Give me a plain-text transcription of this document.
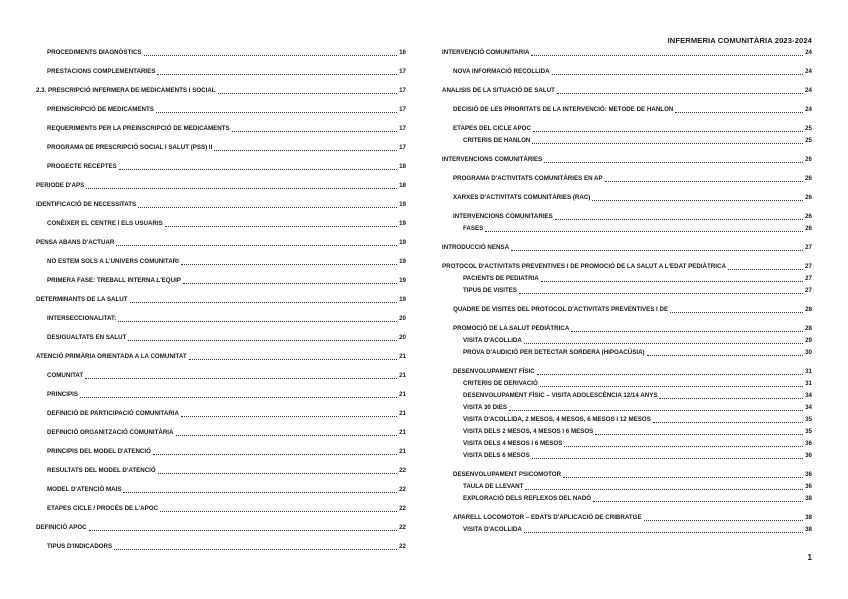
INFERMERIA COMUNITÀRIA 2023-2024
PROCEDIMENTS DIAGNÒSTICS	16
PRESTACIONS COMPLEMENTARIES	17
2.3. PRESCRIPCIÓ INFERMERA DE MEDICAMENTS I SOCIAL	17
PREINSCRIPCIÓ DE MEDICAMENTS	17
REQUERIMENTS PER LA PREINSCRIPCIÓ DE MEDICAMENTS	17
PROGRAMA DE PRESCRIPCIÓ SOCIAL I SALUT (PSS) II	17
PROGECTE RECEPTES	18
PERIODE D'APS	18
IDENTIFICACIÓ DE NECESSITATS	19
CONÈIXER EL CENTRE I ELS USUARIS	19
PENSA ABANS D'ACTUAR	19
NO ESTEM SOLS A L'UNIVERS COMUNITARI	19
PRIMERA FASE: TREBALL INTERNA L'EQUIP	19
DETERMINANTS DE LA SALUT	19
INTERSECCIONALITAT:	20
DESIGUALTATS EN SALUT	20
ATENCIÓ PRIMÀRIA ORIENTADA A LA COMUNITAT	21
COMUNITAT	21
PRINCIPIS	21
DEFINICIÓ DE PARTICIPACIÓ COMUNITARIA	21
DEFINICIÓ ORGANITZACIÓ COMUNITÀRIA	21
PRINCIPIS DEL MODEL D'ATENCIÓ	21
RESULTATS DEL MODEL D'ATENCIÓ	22
MODEL D'ATENCIÓ MAIS	22
ETAPES CICLE / PROCÉS DE L'APOC	22
DEFINICIÓ APOC	22
TIPUS D'INDICADORS	22
INTERVENCIÓ COMUNITARIA	24
NOVA INFORMACIÓ RECOLLIDA	24
ANALISIS DE LA SITUACIÓ DE SALUT	24
DECISIÓ DE LES PRIORITATS DE LA INTERVENCIÓ: METODE DE HANLON	24
ETAPES DEL CICLE APOC	25
CRITERIS DE HANLON	25
INTERVENCIONS COMUNITÀRIES	26
PROGRAMA D'ACTIVITATS COMUNITÀRIES EN AP	26
XARXES D'ACTIVITATS COMUNITÀRIES (RAC)	26
INTERVENCIONS COMUNITARIES	26
FASES	26
INTRODUCCIÓ NENSA	27
PROTOCOL D'ACTIVITATS PREVENTIVES I DE PROMOCIÓ DE LA SALUT A L'EDAT PEDIÀTRICA	27
PACIENTS DE PEDIATRIA	27
TIPUS DE VISITES	27
QUADRE DE VISITES DEL PROTOCOL D'ACTIVITATS PREVENTIVES I DE	28
PROMOCIÓ DE LA SALUT PEDIÀTRICA	28
VISITA D'ACOLLIDA	29
PROVA D'AUDICIÓ PER DETECTAR SORDERA (HIPOACÚSIA)	30
DESENVOLUPAMENT FÍSIC	31
CRITERIS DE DERIVACIÓ	31
DESENVOLUPAMENT FÍSIC – VISITA ADOLESCÈNCIA 12/14 ANYS	34
VISITA 30 DIES	34
VISITA D'ACOLLIDA, 2 MESOS, 4 MESOS, 6 MESOS I 12 MESOS	35
VISITA DELS 2 MESOS, 4 MESOS I 6 MESOS	35
VISITA DELS 4 MESOS I 6 MESOS	36
VISITA DELS 6 MESOS	36
DESENVOLUPAMENT PSICOMOTOR	36
TAULA DE LLEVANT	36
EXPLORACIÓ DELS REFLEXOS DEL NADÓ	38
APARELL LOCOMOTOR – EDATS D'APLICACIÓ DE CRIBRATGE	38
VISITA D'ACOLLIDA	38
1
